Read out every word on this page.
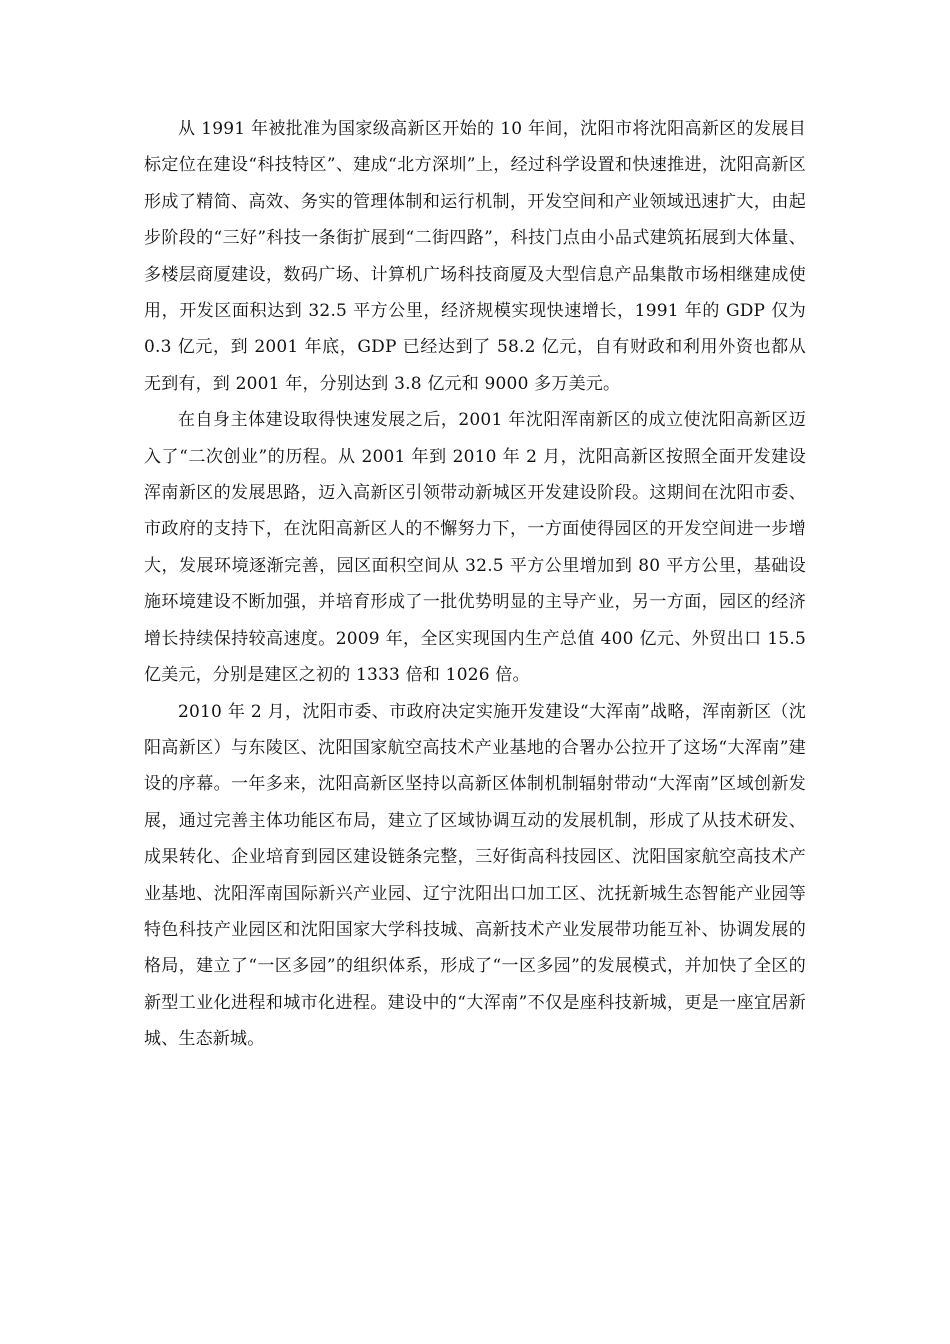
从 1991 年被批准为国家级高新区开始的 10 年间，沈阳市将沈阳高新区的发展目标定位在建设“科技特区”、建成“北方深圳”上，经过科学设置和快速推进，沈阳高新区形成了精简、高效、务实的管理体制和运行机制，开发空间和产业领域迅速扩大，由起步阶段的“三好”科技一条街扩展到“二街四路”，科技门点由小品式建筑拓展到大体量、多楼层商厦建设，数码广场、计算机广场科技商厦及大型信息产品集散市场相继建成使用，开发区面积达到 32.5 平方公里，经济规模实现快速增长，1991 年的 GDP 仅为 0.3 亿元，到 2001 年底，GDP 已经达到了 58.2 亿元，自有财政和利用外资也都从无到有，到 2001 年，分别达到 3.8 亿元和 9000 多万美元。

在自身主体建设取得快速发展之后，2001 年沈阳浑南新区的成立使沈阳高新区迈入了“二次创业”的历程。从 2001 年到 2010 年 2 月，沈阳高新区按照全面开发建设浑南新区的发展思路，迈入高新区引领带动新城区开发建设阶段。这期间在沈阳市委、市政府的支持下，在沈阳高新区人的不懈努力下，一方面使得园区的开发空间进一步增大，发展环境逐渐完善，园区面积空间从 32.5 平方公里增加到 80 平方公里，基础设施环境建设不断加强，并培育形成了一批优势明显的主导产业，另一方面，园区的经济增长持续保持较高速度。2009 年，全区实现国内生产总值 400 亿元、外贸出口 15.5 亿美元，分别是建区之初的 1333 倍和 1026 倍。

2010 年 2 月，沈阳市委、市政府决定实施开发建设“大浑南”战略，浑南新区（沈阳高新区）与东陵区、沈阳国家航空高技术产业基地的合署办公拉开了这场“大浑南”建设的序幕。一年多来，沈阳高新区坚持以高新区体制机制辐射带动“大浑南”区域创新发展，通过完善主体功能区布局，建立了区域协调互动的发展机制，形成了从技术研发、成果转化、企业培育到园区建设链条完整，三好街高科技园区、沈阳国家航空高技术产业基地、沈阳浑南国际新兴产业园、辽宁沈阳出口加工区、沈抚新城生态智能产业园等特色科技产业园区和沈阳国家大学科技城、高新技术产业发展带功能互补、协调发展的格局，建立了“一区多园”的组织体系，形成了“一区多园”的发展模式，并加快了全区的新型工业化进程和城市化进程。建设中的“大浑南”不仅是座科技新城，更是一座宜居新城、生态新城。
